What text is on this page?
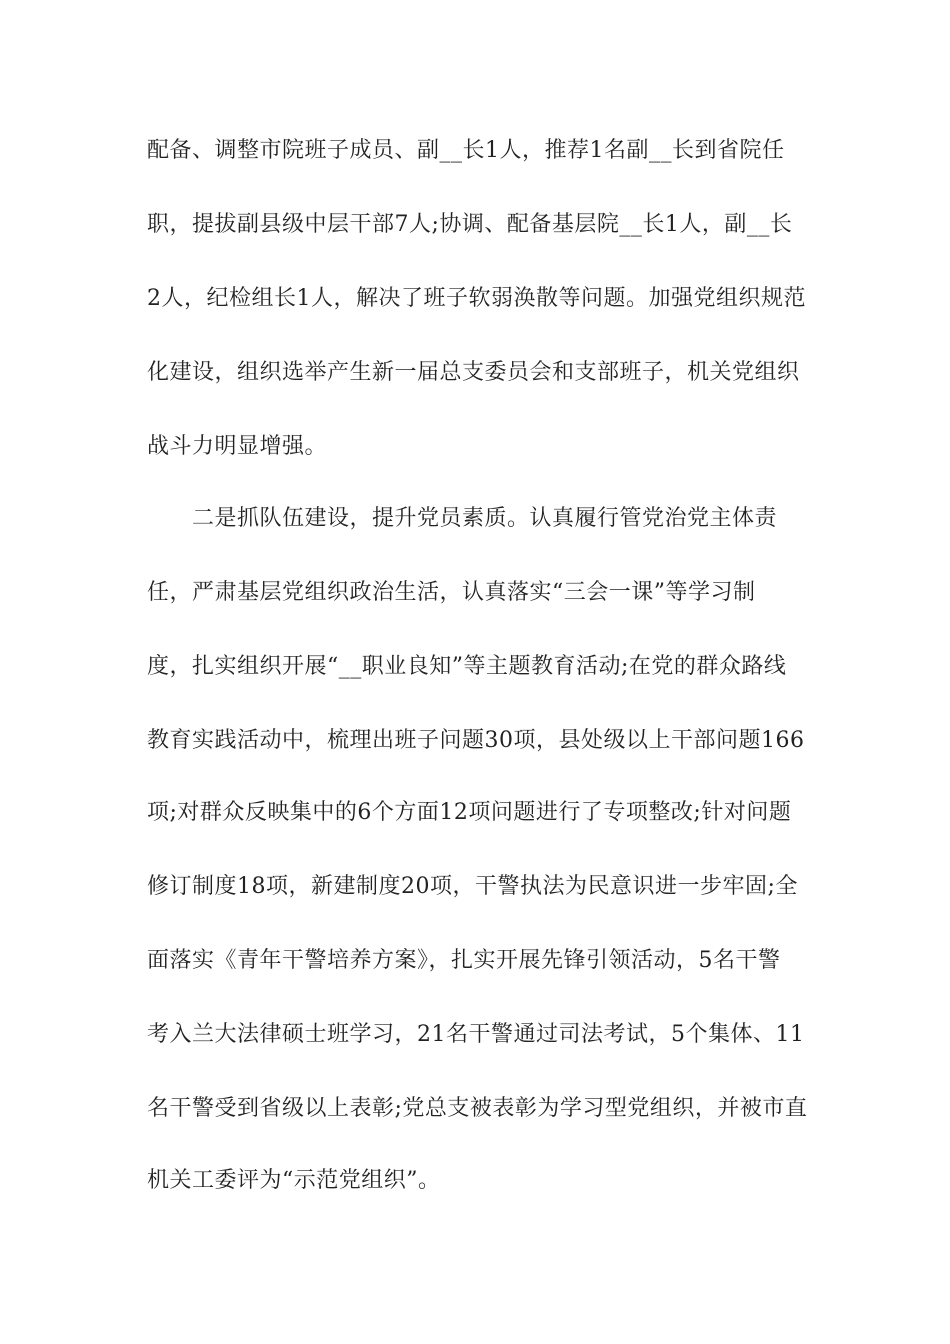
配备、调整市院班子成员、副__长1人，推荐1名副__长到省院任
职，提拔副县级中层干部7人;协调、配备基层院__长1人，副__长
2人，纪检组长1人，解决了班子软弱涣散等问题。加强党组织规范
化建设，组织选举产生新一届总支委员会和支部班子，机关党组织
战斗力明显增强。
二是抓队伍建设，提升党员素质。认真履行管党治党主体责
任，严肃基层党组织政治生活，认真落实“三会一课”等学习制
度，扎实组织开展“__职业良知”等主题教育活动;在党的群众路线
教育实践活动中，梳理出班子问题30项，县处级以上干部问题166
项;对群众反映集中的6个方面12项问题进行了专项整改;针对问题
修订制度18项，新建制度20项，干警执法为民意识进一步牢固;全
面落实《青年干警培养方案》，扎实开展先锋引领活动，5名干警
考入兰大法律硕士班学习，21名干警通过司法考试，5个集体、11
名干警受到省级以上表彰;党总支被表彰为学习型党组织，并被市直
机关工委评为“示范党组织”。
